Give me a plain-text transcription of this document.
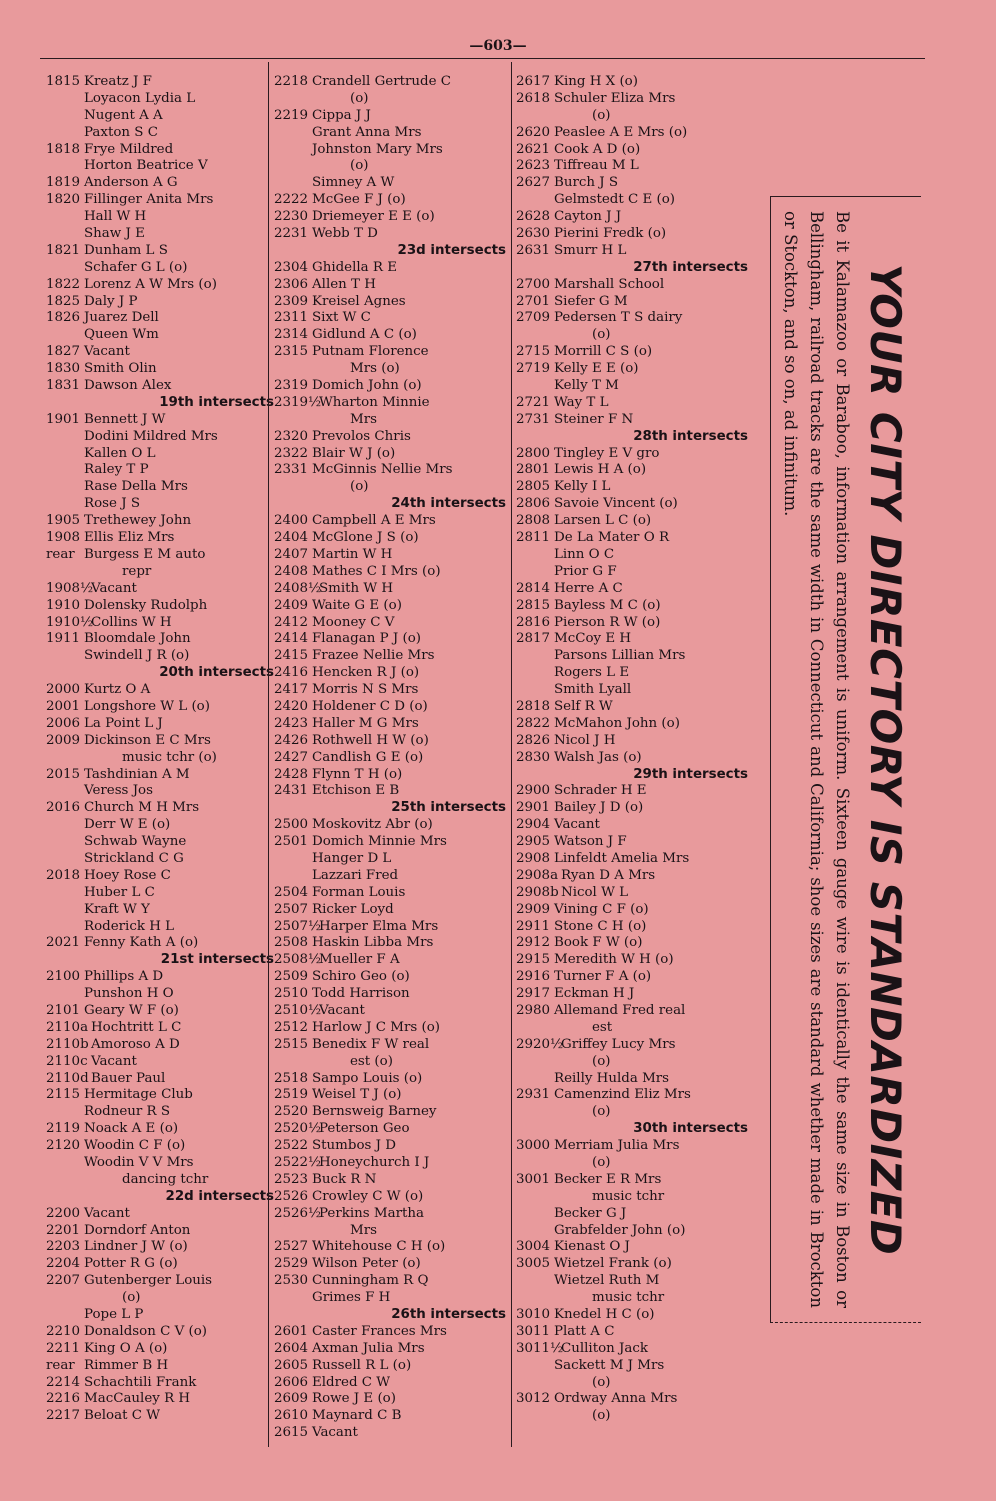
—603—
1815 Kreatz J F
Loyacon Lydia L
Nugent A A
Paxton S C
1818 Frye Mildred
Horton Beatrice V
1819 Anderson A G
1820 Fillinger Anita Mrs
Hall W H
Shaw J E
1821 Dunham L S
Schafer G L (o)
1822 Lorenz A W Mrs (o)
1825 Daly J P
1826 Juarez Dell
Queen Wm
1827 Vacant
1830 Smith Olin
1831 Dawson Alex
19th intersects
1901 Bennett J W
Dodini Mildred Mrs
Kallen O L
Raley T P
Rase Della Mrs
Rose J S
1905 Trethewey John
1908 Ellis Eliz Mrs
rear Burgess E M auto
repr
1908½
Vacant
1910 Dolensky Rudolph
1910½
Collins W H
1911 Bloomdale John
Swindell J R (o)
20th intersects
2000 Kurtz O A
2001 Longshore W L (o)
2006 La Point L J
2009 Dickinson E C Mrs
music tchr (o)
2015 Tashdinian A M
Veress Jos
2016 Church M H Mrs
Derr W E (o)
Schwab Wayne
Strickland C G
2018 Hoey Rose C
Huber L C
Kraft W Y
Roderick H L
2021 Fenny Kath A (o)
21st intersects
2100 Phillips A D
Punshon H O
2101 Geary W F (o)
2110a Hochtritt L C
2110b Amoroso A D
2110c Vacant
2110d Bauer Paul
2115 Hermitage Club
Rodneur R S
2119 Noack A E (o)
2120 Woodin C F (o)
Woodin V V Mrs
dancing tchr
22d intersects
2200 Vacant
2201 Dorndorf Anton
2203 Lindner J W (o)
2204 Potter R G (o)
2207 Gutenberger Louis
(o)
Pope L P
2210 Donaldson C V (o)
2211 King O A (o)
rear Rimmer B H
2214 Schachtili Frank
2216 MacCauley R H
2217 Beloat C W
2218 Crandell Gertrude C
(o)
2219 Cippa J J
Grant Anna Mrs
Johnston Mary Mrs
(o)
Simney A W
2222 McGee F J (o)
2230 Driemeyer E E (o)
2231 Webb T D
23d intersects
2304 Ghidella R E
2306 Allen T H
2309 Kreisel Agnes
2311 Sixt W C
2314 Gidlund A C (o)
2315 Putnam Florence
Mrs (o)
2319 Domich John (o)
2319½
Wharton Minnie
Mrs
2320 Prevolos Chris
2322 Blair W J (o)
2331 McGinnis Nellie Mrs
(o)
24th intersects
2400 Campbell A E Mrs
2404 McGlone J S (o)
2407 Martin W H
2408 Mathes C I Mrs (o)
2408½
Smith W H
2409 Waite G E (o)
2412 Mooney C V
2414 Flanagan P J (o)
2415 Frazee Nellie Mrs
2416 Hencken R J (o)
2417 Morris N S Mrs
2420 Holdener C D (o)
2423 Haller M G Mrs
2426 Rothwell H W (o)
2427 Candlish G E (o)
2428 Flynn T H (o)
2431 Etchison E B
25th intersects
2500 Moskovitz Abr (o)
2501 Domich Minnie Mrs
Hanger D L
Lazzari Fred
2504 Forman Louis
2507 Ricker Loyd
2507½
Harper Elma Mrs
2508 Haskin Libba Mrs
2508½
Mueller F A
2509 Schiro Geo (o)
2510 Todd Harrison
2510½
Vacant
2512 Harlow J C Mrs (o)
2515 Benedix F W real
est (o)
2518 Sampo Louis (o)
2519 Weisel T J (o)
2520 Bernsweig Barney
2520½
Peterson Geo
2522 Stumbos J D
2522½
Honeychurch I J
2523 Buck R N
2526 Crowley C W (o)
2526½
Perkins Martha
Mrs
2527 Whitehouse C H (o)
2529 Wilson Peter (o)
2530 Cunningham R Q
Grimes F H
26th intersects
2601 Caster Frances Mrs
2604 Axman Julia Mrs
2605 Russell R L (o)
2606 Eldred C W
2609 Rowe J E (o)
2610 Maynard C B
2615 Vacant
2617 King H X (o)
2618 Schuler Eliza Mrs
(o)
2620 Peaslee A E Mrs (o)
2621 Cook A D (o)
2623 Tiffreau M L
2627 Burch J S
Gelmstedt C E (o)
2628 Cayton J J
2630 Pierini Fredk (o)
2631 Smurr H L
27th intersects
2700 Marshall School
2701 Siefer G M
2709 Pedersen T S dairy
(o)
2715 Morrill C S (o)
2719 Kelly E E (o)
Kelly T M
2721 Way T L
2731 Steiner F N
28th intersects
2800 Tingley E V gro
2801 Lewis H A (o)
2805 Kelly I L
2806 Savoie Vincent (o)
2808 Larsen L C (o)
2811 De La Mater O R
Linn O C
Prior G F
2814 Herre A C
2815 Bayless M C (o)
2816 Pierson R W (o)
2817 McCoy E H
Parsons Lillian Mrs
Rogers L E
Smith Lyall
2818 Self R W
2822 McMahon John (o)
2826 Nicol J H
2830 Walsh Jas (o)
29th intersects
2900 Schrader H E
2901 Bailey J D (o)
2904 Vacant
2905 Watson J F
2908 Linfeldt Amelia Mrs
2908a Ryan D A Mrs
2908b Nicol W L
2909 Vining C F (o)
2911 Stone C H (o)
2912 Book F W (o)
2915 Meredith W H (o)
2916 Turner F A (o)
2917 Eckman H J
2980 Allemand Fred real
est
2920½
Griffey Lucy Mrs
(o)
Reilly Hulda Mrs
2931 Camenzind Eliz Mrs
(o)
30th intersects
3000 Merriam Julia Mrs
(o)
3001 Becker E R Mrs
music tchr
Becker G J
Grabfelder John (o)
3004 Kienast O J
3005 Wietzel Frank (o)
Wietzel Ruth M
music tchr
3010 Knedel H C (o)
3011 Platt A C
3011½
Culliton Jack
Sackett M J Mrs
(o)
3012 Ordway Anna Mrs
(o)
YOUR CITY DIRECTORY IS STANDARDIZED
Be it Kalamazoo or Baraboo, information arrangement is uniform. Sixteen gauge wire is identically the same size in Boston or Bellingham, railroad tracks are the same width in Connecticut and California; shoe sizes are standard whether made in Brockton or Stockton, and so on, ad infinitum.
